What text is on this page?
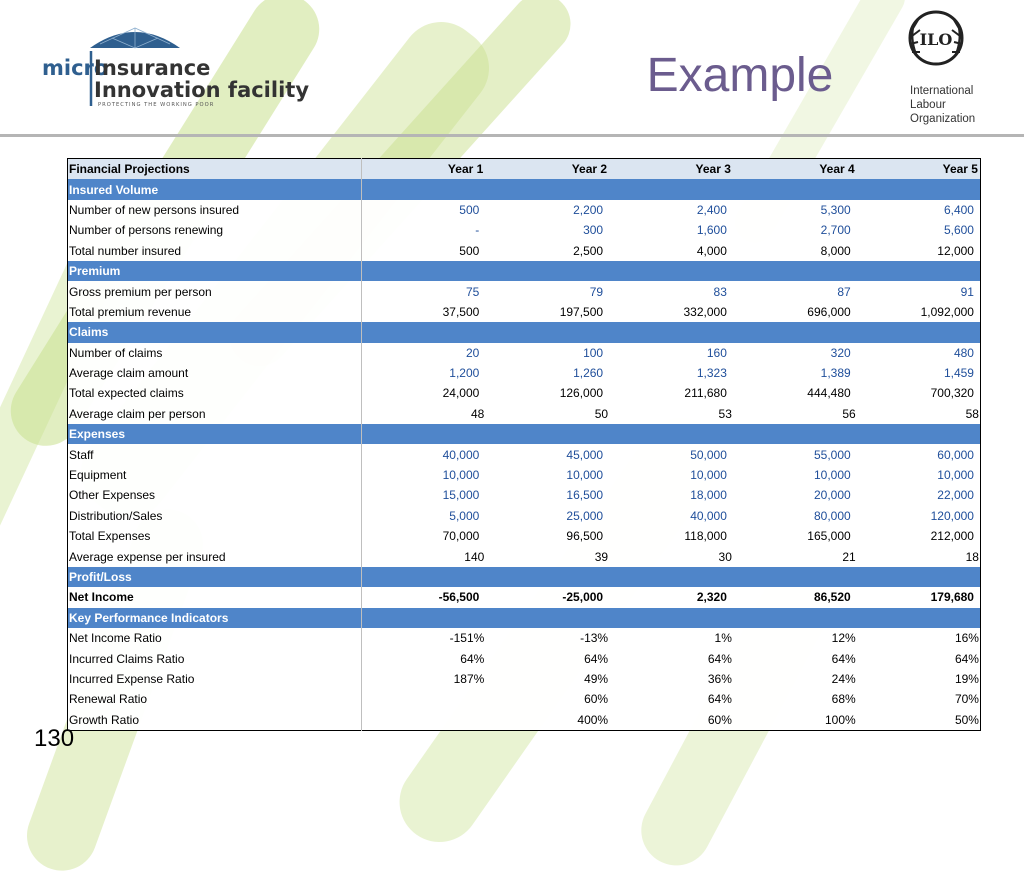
micro
Insurance
Innovation facility
PROTECTING THE WORKING POOR
ILO
International
Labour
Organization
Example
Financial Projections	Year 1	Year 2	Year 3	Year 4	Year 5
Insured Volume					
Number of new persons insured	500	2,200	2,400	5,300	6,400
Number of persons renewing	-	300	1,600	2,700	5,600
Total number insured	500	2,500	4,000	8,000	12,000
Premium					
Gross premium per person	75	79	83	87	91
Total premium revenue	37,500	197,500	332,000	696,000	1,092,000
Claims					
Number of claims	20	100	160	320	480
Average claim amount	1,200	1,260	1,323	1,389	1,459
Total expected claims	24,000	126,000	211,680	444,480	700,320
Average claim per person	48	50	53	56	58
Expenses					
Staff	40,000	45,000	50,000	55,000	60,000
Equipment	10,000	10,000	10,000	10,000	10,000
Other Expenses	15,000	16,500	18,000	20,000	22,000
Distribution/Sales	5,000	25,000	40,000	80,000	120,000
Total Expenses	70,000	96,500	118,000	165,000	212,000
Average expense per insured	140	39	30	21	18
Profit/Loss					
Net Income	-56,500	-25,000	2,320	86,520	179,680
Key Performance Indicators					
Net Income Ratio	-151%	-13%	1%	12%	16%
Incurred Claims Ratio	64%	64%	64%	64%	64%
Incurred Expense Ratio	187%	49%	36%	24%	19%
Renewal Ratio		60%	64%	68%	70%
Growth Ratio		400%	60%	100%	50%
130
